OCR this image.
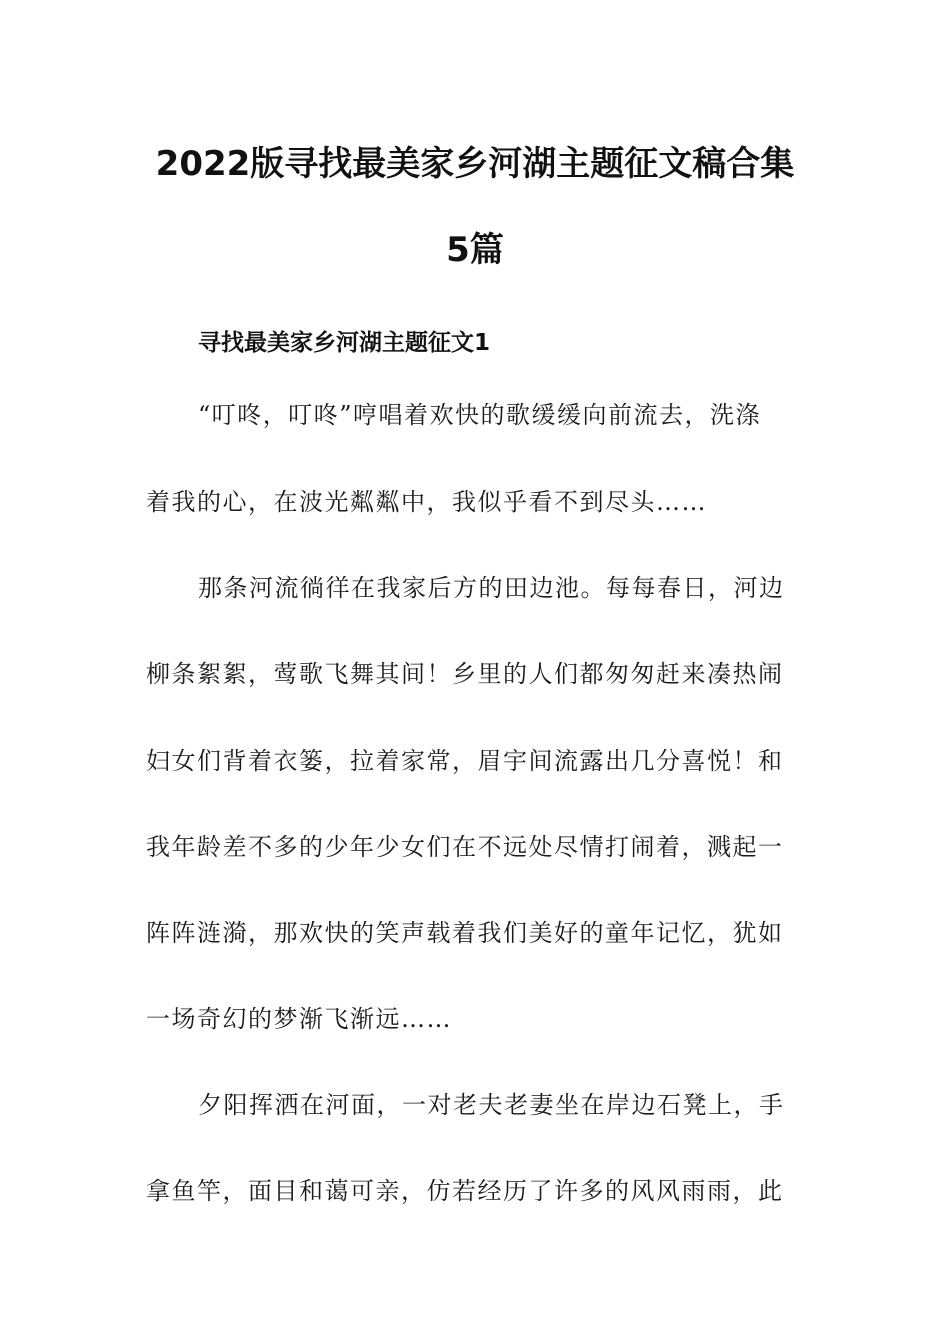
2022版寻找最美家乡河湖主题征文稿合集
5篇
寻找最美家乡河湖主题征文1
“叮咚，叮咚”哼唱着欢快的歌缓缓向前流去，洗涤
着我的心，在波光粼粼中，我似乎看不到尽头……
那条河流徜徉在我家后方的田边池。每每春日，河边
柳条絮絮，莺歌飞舞其间！乡里的人们都匆匆赶来凑热闹
妇女们背着衣篓，拉着家常，眉宇间流露出几分喜悦！和
我年龄差不多的少年少女们在不远处尽情打闹着，溅起一
阵阵涟漪，那欢快的笑声载着我们美好的童年记忆，犹如
一场奇幻的梦渐飞渐远……
夕阳挥洒在河面，一对老夫老妻坐在岸边石凳上，手
拿鱼竿，面目和蔼可亲，仿若经历了许多的风风雨雨，此
